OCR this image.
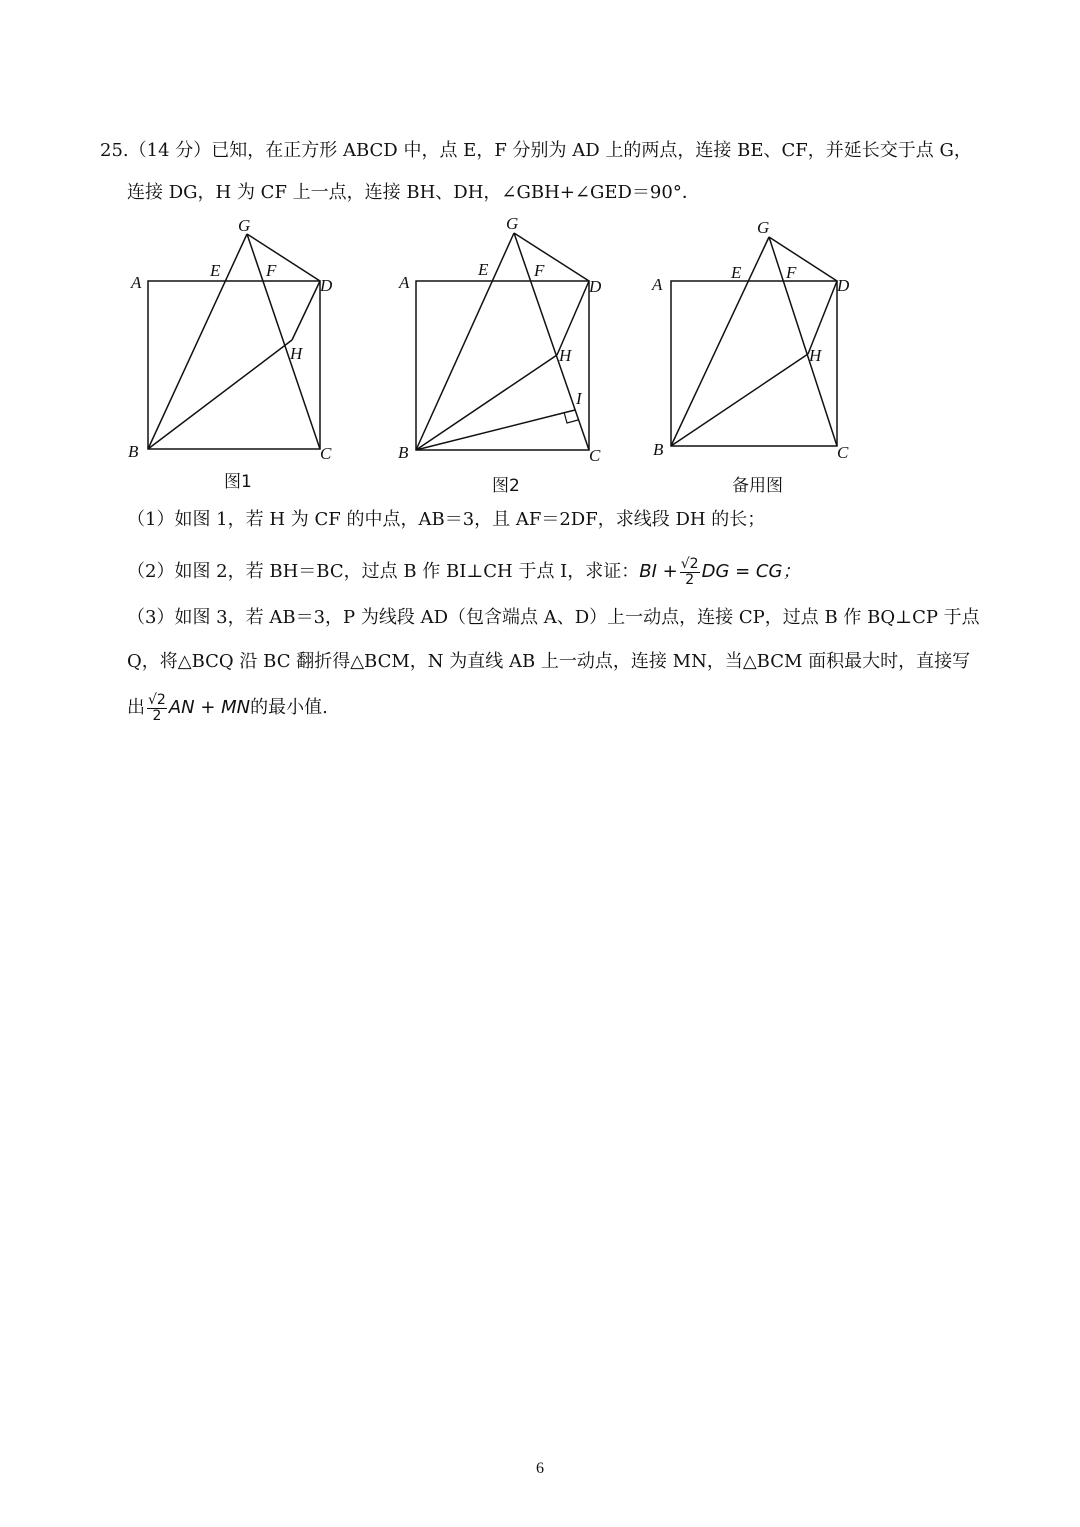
25.（14 分）已知，在正方形 ABCD 中，点 E，F 分别为 AD 上的两点，连接 BE、CF，并延长交于点 G，
连接 DG，H 为 CF 上一点，连接 BH、DH，∠GBH+∠GED＝90°．
G
A
E	F
D
H
B	C
图1
G
A
E	F
D
H
I
B	C
图2
G
A
E	F
D
H
B	C
备用图
（1）如图 1，若 H 为 CF 的中点，AB＝3，且 AF＝2DF，求线段 DH 的长；
（2）如图 2，若 BH＝BC，过点 B 作 BI⊥CH 于点 I，求证：BI + $\frac{√2}{2}$ DG = CG；
（3）如图 3，若 AB＝3，P 为线段 AD（包含端点 A、D）上一动点，连接 CP，过点 B 作 BQ⊥CP 于点
Q，将△BCQ 沿 BC 翻折得△BCM，N 为直线 AB 上一动点，连接 MN，当△BCM 面积最大时，直接写
出 $\frac{√2}{2}$ AN + MN的最小值.
6
